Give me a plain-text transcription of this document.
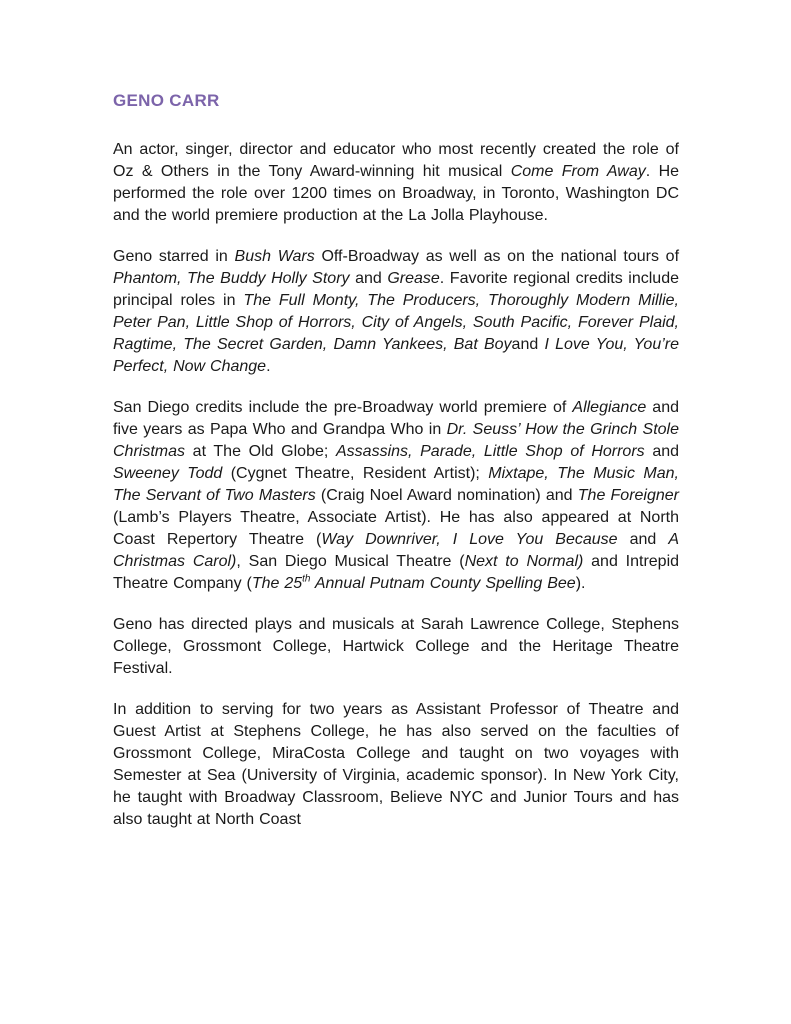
GENO CARR

An actor, singer, director and educator who most recently created the role of Oz & Others in the Tony Award-winning hit musical Come From Away. He performed the role over 1200 times on Broadway, in Toronto, Washington DC and the world premiere production at the La Jolla Playhouse.

Geno starred in Bush Wars Off-Broadway as well as on the national tours of Phantom, The Buddy Holly Story and Grease. Favorite regional credits include principal roles in The Full Monty, The Producers, Thoroughly Modern Millie, Peter Pan, Little Shop of Horrors, City of Angels, South Pacific, Forever Plaid, Ragtime, The Secret Garden, Damn Yankees, Bat Boyand I Love You, You’re Perfect, Now Change.

San Diego credits include the pre-Broadway world premiere of Allegiance and five years as Papa Who and Grandpa Who in Dr. Seuss’ How the Grinch Stole Christmas at The Old Globe; Assassins, Parade, Little Shop of Horrors and Sweeney Todd (Cygnet Theatre, Resident Artist); Mixtape, The Music Man, The Servant of Two Masters (Craig Noel Award nomination) and The Foreigner (Lamb’s Players Theatre, Associate Artist). He has also appeared at North Coast Repertory Theatre (Way Downriver, I Love You Because and A Christmas Carol), San Diego Musical Theatre (Next to Normal) and Intrepid Theatre Company (The 25th Annual Putnam County Spelling Bee).

Geno has directed plays and musicals at Sarah Lawrence College, Stephens College, Grossmont College, Hartwick College and the Heritage Theatre Festival.

In addition to serving for two years as Assistant Professor of Theatre and Guest Artist at Stephens College, he has also served on the faculties of Grossmont College, MiraCosta College and taught on two voyages with Semester at Sea (University of Virginia, academic sponsor). In New York City, he taught with Broadway Classroom, Believe NYC and Junior Tours and has also taught at North Coast
